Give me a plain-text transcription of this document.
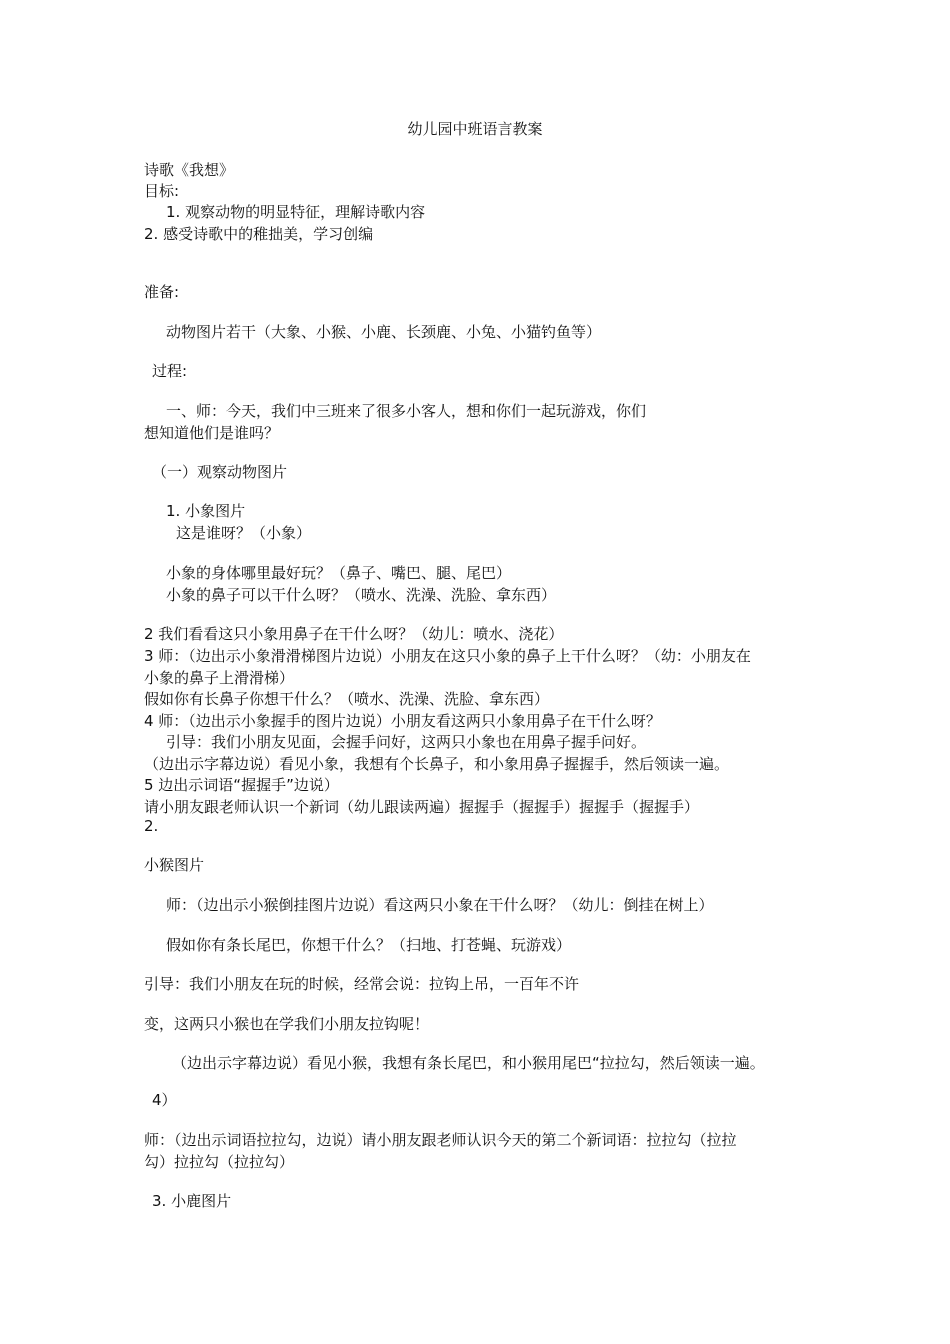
幼儿园中班语言教案
诗歌《我想》
目标:
1. 观察动物的明显特征，理解诗歌内容
2. 感受诗歌中的稚拙美，学习创编
准备:
动物图片若干（大象、小猴、小鹿、长颈鹿、小兔、小猫钓鱼等）
过程:
一、师：今天，我们中三班来了很多小客人，想和你们一起玩游戏，你们
想知道他们是谁吗？
（一）观察动物图片
1. 小象图片
这是谁呀？（小象）
小象的身体哪里最好玩？（鼻子、嘴巴、腿、尾巴）
小象的鼻子可以干什么呀？（喷水、洗澡、洗脸、拿东西）
2 我们看看这只小象用鼻子在干什么呀？（幼儿：喷水、浇花）
3 师：（边出示小象滑滑梯图片边说）小朋友在这只小象的鼻子上干什么呀？（幼：小朋友在
小象的鼻子上滑滑梯）
假如你有长鼻子你想干什么？（喷水、洗澡、洗脸、拿东西）
4 师：（边出示小象握手的图片边说）小朋友看这两只小象用鼻子在干什么呀？
引导：我们小朋友见面，会握手问好，这两只小象也在用鼻子握手问好。
（边出示字幕边说）看见小象，我想有个长鼻子，和小象用鼻子握握手，然后领读一遍。
5 边出示词语“握握手”边说）
请小朋友跟老师认识一个新词（幼儿跟读两遍）握握手（握握手）握握手（握握手）
2.
小猴图片
师：（边出示小猴倒挂图片边说）看这两只小象在干什么呀？（幼儿：倒挂在树上）
假如你有条长尾巴，你想干什么？（扫地、打苍蝇、玩游戏）
引导：我们小朋友在玩的时候，经常会说：拉钩上吊，一百年不许
变，这两只小猴也在学我们小朋友拉钩呢！
（边出示字幕边说）看见小猴，我想有条长尾巴，和小猴用尾巴“拉拉勾，然后领读一遍。
4）
师：（边出示词语拉拉勾，边说）请小朋友跟老师认识今天的第二个新词语：拉拉勾（拉拉
勾）拉拉勾（拉拉勾）
3. 小鹿图片
